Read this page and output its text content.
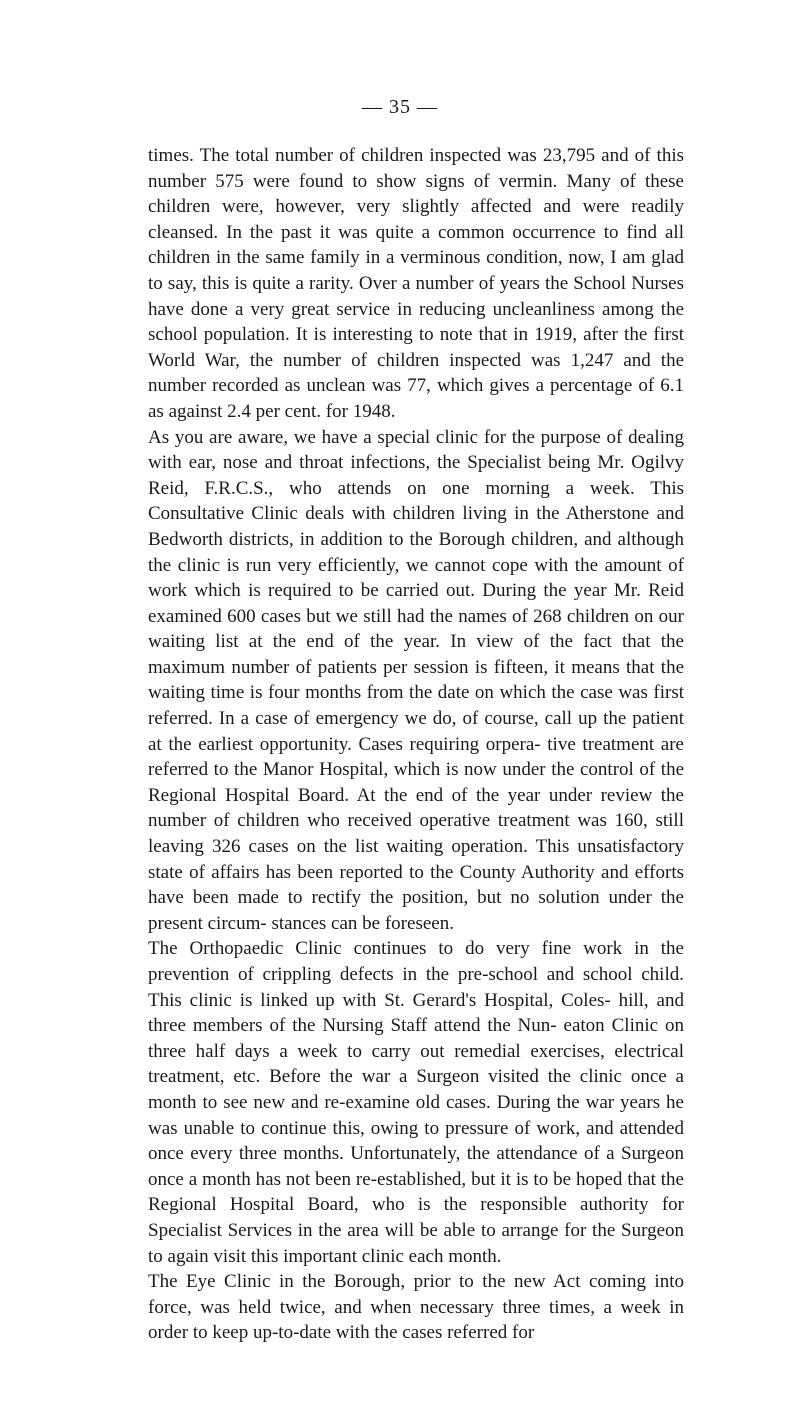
— 35 —

times. The total number of children inspected was 23,795 and of this number 575 were found to show signs of vermin. Many of these children were, however, very slightly affected and were readily cleansed. In the past it was quite a common occurrence to find all children in the same family in a verminous condition, now, I am glad to say, this is quite a rarity. Over a number of years the School Nurses have done a very great service in reducing uncleanliness among the school population. It is interesting to note that in 1919, after the first World War, the number of children inspected was 1,247 and the number recorded as unclean was 77, which gives a percentage of 6.1 as against 2.4 per cent. for 1948.

As you are aware, we have a special clinic for the purpose of dealing with ear, nose and throat infections, the Specialist being Mr. Ogilvy Reid, F.R.C.S., who attends on one morning a week. This Consultative Clinic deals with children living in the Atherstone and Bedworth districts, in addition to the Borough children, and although the clinic is run very efficiently, we cannot cope with the amount of work which is required to be carried out. During the year Mr. Reid examined 600 cases but we still had the names of 268 children on our waiting list at the end of the year. In view of the fact that the maximum number of patients per session is fifteen, it means that the waiting time is four months from the date on which the case was first referred. In a case of emergency we do, of course, call up the patient at the earliest opportunity. Cases requiring orpera- tive treatment are referred to the Manor Hospital, which is now under the control of the Regional Hospital Board. At the end of the year under review the number of children who received operative treatment was 160, still leaving 326 cases on the list waiting operation. This unsatisfactory state of affairs has been reported to the County Authority and efforts have been made to rectify the position, but no solution under the present circum- stances can be foreseen.

The Orthopaedic Clinic continues to do very fine work in the prevention of crippling defects in the pre-school and school child. This clinic is linked up with St. Gerard's Hospital, Coles- hill, and three members of the Nursing Staff attend the Nun- eaton Clinic on three half days a week to carry out remedial exercises, electrical treatment, etc. Before the war a Surgeon visited the clinic once a month to see new and re-examine old cases. During the war years he was unable to continue this, owing to pressure of work, and attended once every three months. Unfortunately, the attendance of a Surgeon once a month has not been re-established, but it is to be hoped that the Regional Hospital Board, who is the responsible authority for Specialist Services in the area will be able to arrange for the Surgeon to again visit this important clinic each month.

The Eye Clinic in the Borough, prior to the new Act coming into force, was held twice, and when necessary three times, a week in order to keep up-to-date with the cases referred for
